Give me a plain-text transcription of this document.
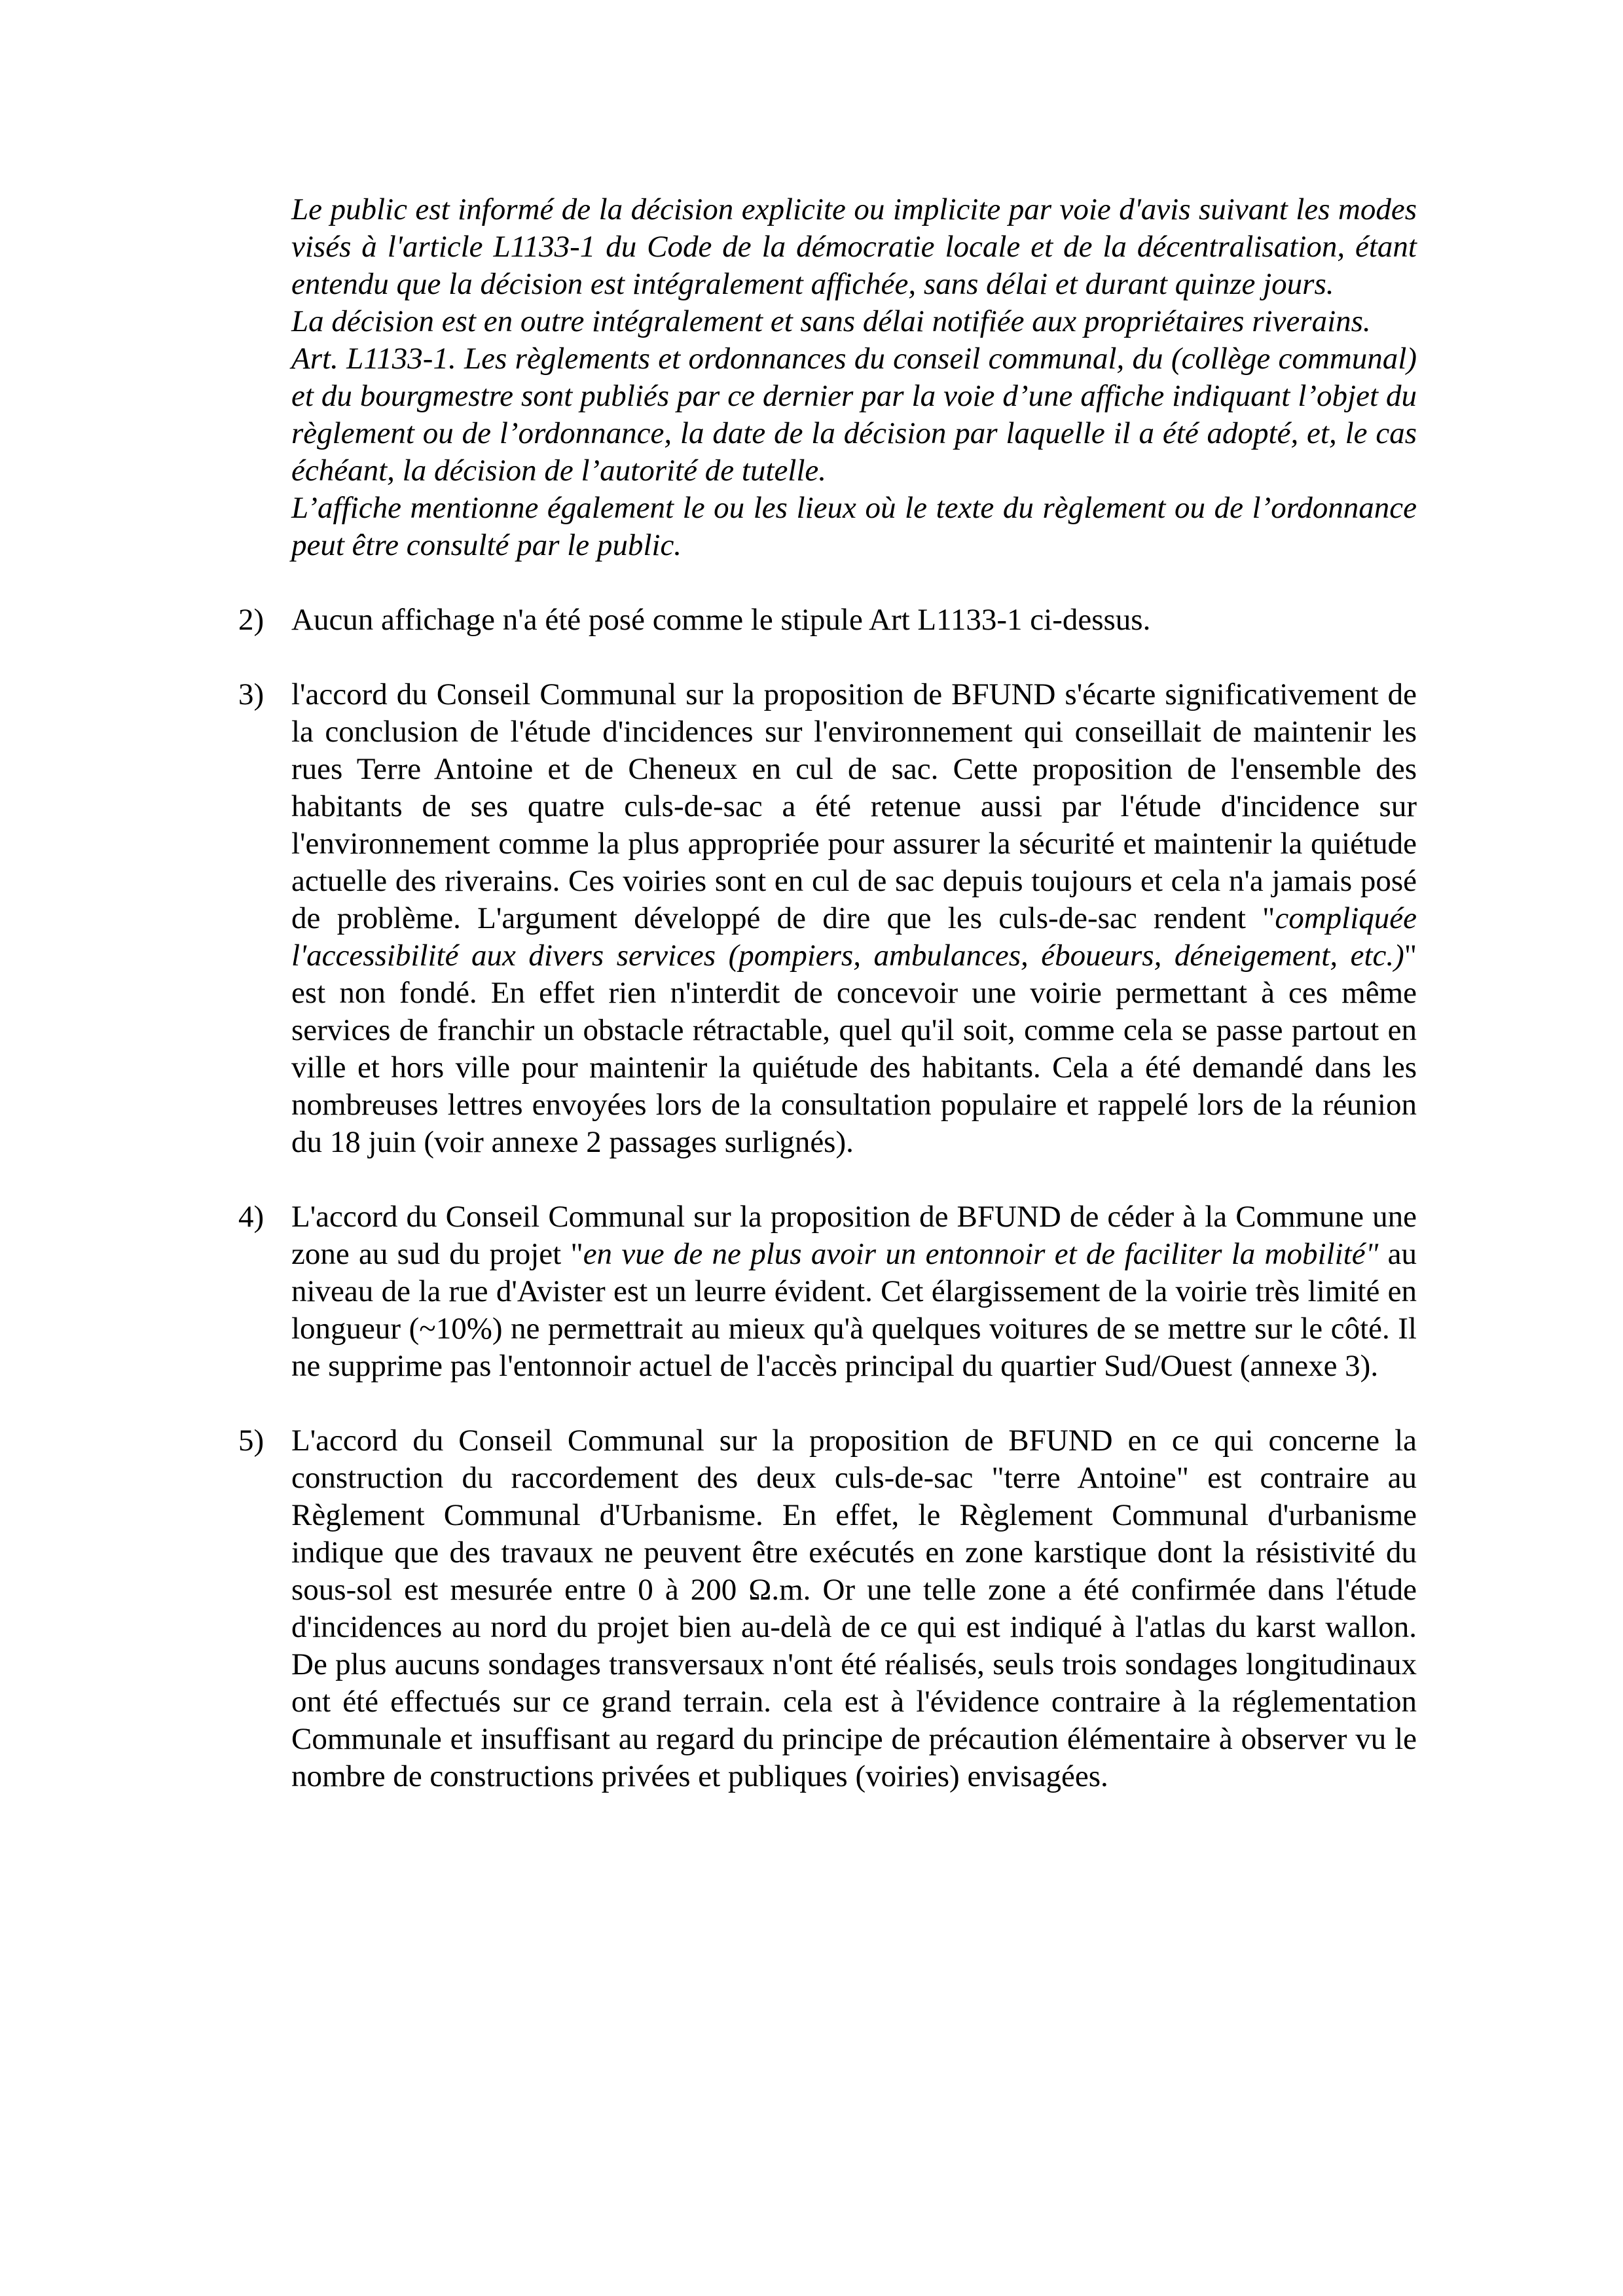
Le public est informé de la décision explicite ou implicite par voie d'avis suivant les modes visés à l'article L1133-1 du Code de la démocratie locale et de la décentralisation, étant entendu que la décision est intégralement affichée, sans délai et durant quinze jours.

La décision est en outre intégralement et sans délai notifiée aux propriétaires riverains.

Art. L1133-1. Les règlements et ordonnances du conseil communal, du (collège communal) et du bourgmestre sont publiés par ce dernier par la voie d’une affiche indiquant l’objet du règlement ou de l’ordonnance, la date de la décision par laquelle il a été adopté, et, le cas échéant, la décision de l’autorité de tutelle.

L’affiche mentionne également le ou les lieux où le texte du règlement ou de l’ordonnance peut être consulté par le public.

2) Aucun affichage n'a été posé comme le stipule Art L1133-1 ci-dessus.

3) l'accord du Conseil Communal sur la proposition de BFUND s'écarte significativement de la conclusion de l'étude d'incidences sur l'environnement qui conseillait de maintenir les rues Terre Antoine et de Cheneux en cul de sac. Cette proposition de l'ensemble des habitants de ses quatre culs-de-sac a été retenue aussi par l'étude d'incidence sur l'environnement comme la plus appropriée pour assurer la sécurité et maintenir la quiétude actuelle des riverains. Ces voiries sont en cul de sac depuis toujours et cela n'a jamais posé de problème. L'argument développé de dire que les culs-de-sac rendent "compliquée l'accessibilité aux divers services (pompiers, ambulances, éboueurs, déneigement, etc.)" est non fondé. En effet rien n'interdit de concevoir une voirie permettant à ces même services de franchir un obstacle rétractable, quel qu'il soit, comme cela se passe partout en ville et hors ville pour maintenir la quiétude des habitants. Cela a été demandé dans les nombreuses lettres envoyées lors de la consultation populaire et rappelé lors de la réunion du 18 juin (voir annexe 2 passages surlignés).

4) L'accord du Conseil Communal sur la proposition de BFUND de céder à la Commune une zone au sud du projet "en vue de ne plus avoir un entonnoir et de faciliter la mobilité" au niveau de la rue d'Avister est un leurre évident. Cet élargissement de la voirie très limité en longueur (~10%) ne permettrait au mieux qu'à quelques voitures de se mettre sur le côté. Il ne supprime pas l'entonnoir actuel de l'accès principal du quartier Sud/Ouest (annexe 3).

5) L'accord du Conseil Communal sur la proposition de BFUND en ce qui concerne la construction du raccordement des deux culs-de-sac "terre Antoine" est contraire au Règlement Communal d'Urbanisme. En effet, le Règlement Communal d'urbanisme indique que des travaux ne peuvent être exécutés en zone karstique dont la résistivité du sous-sol est mesurée entre 0 à 200 Ω.m. Or une telle zone a été confirmée dans l'étude d'incidences au nord du projet bien au-delà de ce qui est indiqué à l'atlas du karst wallon. De plus aucuns sondages transversaux n'ont été réalisés, seuls trois sondages longitudinaux ont été effectués sur ce grand terrain. cela est à l'évidence contraire à la réglementation Communale et insuffisant au regard du principe de précaution élémentaire à observer vu le nombre de constructions privées et publiques (voiries) envisagées.
